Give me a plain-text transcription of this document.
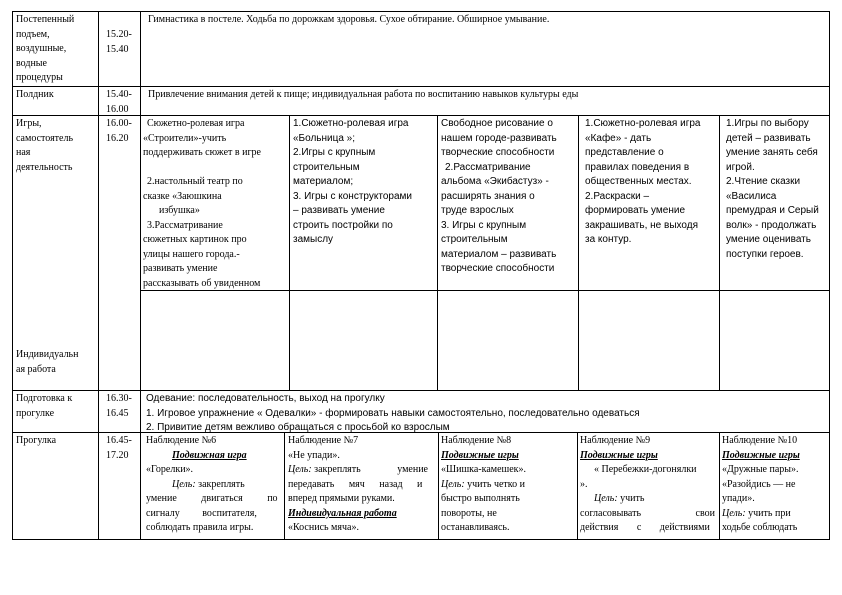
Постепенный
подъем,
воздушные,
водные
процедуры
15.20-
15.40
Гимнастика в постеле. Ходьба по дорожкам здоровья. Сухое обтирание. Обширное умывание.
Полдник	15.40-
16.00
Привлечение внимания детей к пище; индивидуальная работа по воспитанию навыков культуры еды
Игры,
самостоятель
ная
деятельность
16.00-
16.20
Сюжетно-ролевая игра
«Строители»-учить
поддерживать сюжет в игре

2.настольный театр по
сказке «Заюшкина
избушка»
3.Рассматривание
сюжетных картинок про
улицы нашего города.-
развивать умение
рассказывать об увиденном
1.Сюжетно-ролевая игра
«Больница »;
2.Игры с крупным
строительным
материалом;
3. Игры с конструкторами
– развивать умение
строить постройки по
замыслу
Свободное рисование о
нашем городе-развивать
творческие способности
2.Рассматривание
альбома «Экибастуз» -
расширять знания о
труде взрослых
3. Игры с крупным
строительным
материалом – развивать
творческие способности
1.Сюжетно-ролевая игра
«Кафе» - дать
представление о
правилах поведения в
общественных местах.
2.Раскраски –
формировать умение
закрашивать, не выходя
за контур.
1.Игры по выбору
детей – развивать
умение занять себя
игрой.
2.Чтение сказки
«Василиса
премудрая и Серый
волк» - продолжать
умение оценивать
поступки героев.
Индивидуальн
ая работа
Подготовка к
прогулке
16.30-
16.45
Одевание: последовательность, выход на прогулку
1. Игровое упражнение « Одевалки» - формировать навыки самостоятельно, последовательно одеваться
2. Привитие детям вежливо обращаться с просьбой ко взрослым
Прогулка	16.45-
17.20
Наблюдение №6
Подвижная игра
«Горелки».
Цель: закреплять
умение двигаться по
сигналу воспитателя,
соблюдать правила игры.
Наблюдение №7
«Не упади».
Цель: закреплять умение
передавать мяч назад и
вперед прямыми руками.
Индивидуальная работа
«Коснись мяча».
Наблюдение №8
Подвижные игры
«Шишка-камешек».
Цель: учить четко и
быстро выполнять
повороты, не
останавливаясь.
Наблюдение №9
Подвижные игры
« Перебежки-догонялки
».
Цель: учить
согласовывать свои
действия с действиями
Наблюдение №10
Подвижные игры
«Дружные пары».
«Разойдись — не
упади».
Цель: учить при
ходьбе соблюдать
